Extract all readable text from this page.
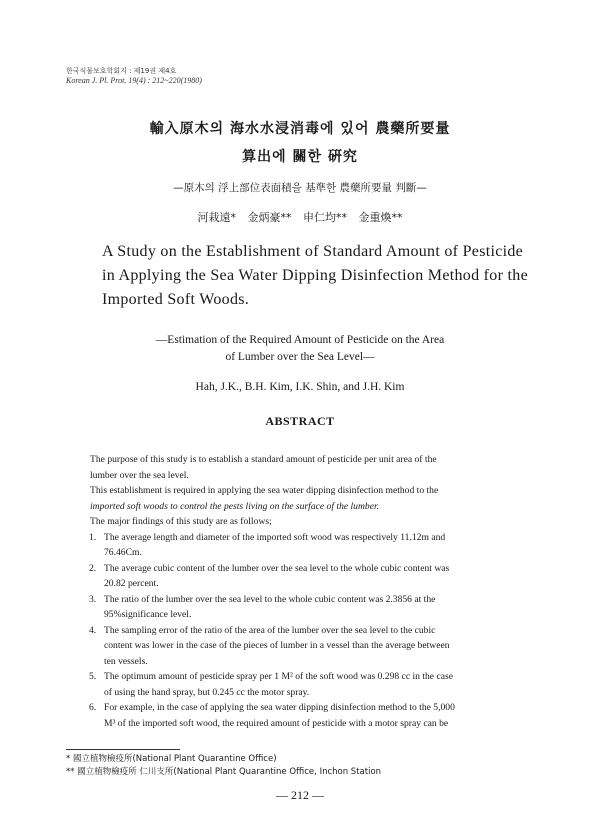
한국식물보호학회지 : 제19권 제4호
Korean J. Pl. Prot. 19(4) : 212~220(1980)
輸入原木의 海水水浸消毒에 있어 農藥所要量
算出에 關한 硏究
—原木의 浮上部位表面積을 基準한 農藥所要量 判斷—
河栽遠* 金炳豪** 申仁均** 金重煥**
A Study on the Establishment of Standard Amount of Pesticide
in Applying the Sea Water Dipping Disinfection Method for the
Imported Soft Woods.
—Estimation of the Required Amount of Pesticide on the Area
of Lumber over the Sea Level—
Hah, J.K., B.H. Kim, I.K. Shin, and J.H. Kim
ABSTRACT
The purpose of this study is to establish a standard amount of pesticide per unit area of the
lumber over the sea level.
This establishment is required in applying the sea water dipping disinfection method to the
imported soft woods to control the pests living on the surface of the lumber.
The major findings of this study are as follows;
1. The average length and diameter of the imported soft wood was respectively 11.12m and
76.46Cm.
2. The average cubic content of the lumber over the sea level to the whole cubic content was
20.82 percent.
3. The ratio of the lumber over the sea level to the whole cubic content was 2.3856 at the
95%significance level.
4. The sampling error of the ratio of the area of the lumber over the sea level to the cubic
content was lower in the case of the pieces of lumber in a vessel than the average between
ten vessels.
5. The optimum amount of pesticide spray per 1 M² of the soft wood was 0.298 cc in the case
of using the hand spray, but 0.245 cc the motor spray.
6. For example, in the case of applying the sea water dipping disinfection method to the 5,000
M³ of the imported soft wood, the required amount of pesticide with a motor spray can be
* 國立植物檢疫所(National Plant Quarantine Office)
** 國立植物檢疫所 仁川支所(National Plant Quarantine Office, Inchon Station
— 212 —
